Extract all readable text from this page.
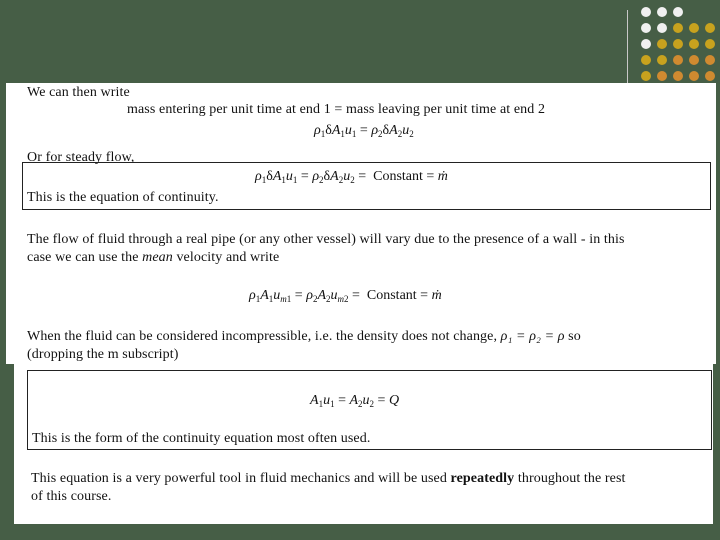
We can then write
mass entering per unit time at end 1 = mass leaving per unit time at end 2
$\rho_1\delta A_1u_1 = \rho_2\delta A_2u_2$
Or for steady flow,
$\rho_1\delta A_1u_1 = \rho_2\delta A_2u_2$ =  Constant = ṁ
This is the equation of continuity.
The flow of fluid through a real pipe (or any other vessel) will vary due to the presence of a wall - in this
case we can use the mean velocity and write
$\rho_1A_1u_{m1} = \rho_2A_2u_{m2}$ =  Constant = ṁ
When the fluid can be considered incompressible, i.e. the density does not change, ρ₁ = ρ₂ = ρ so
(dropping the m subscript)
$A_1u_1 = A_2u_2 = Q$
This is the form of the continuity equation most often used.
This equation is a very powerful tool in fluid mechanics and will be used repeatedly throughout the rest
of this course.
